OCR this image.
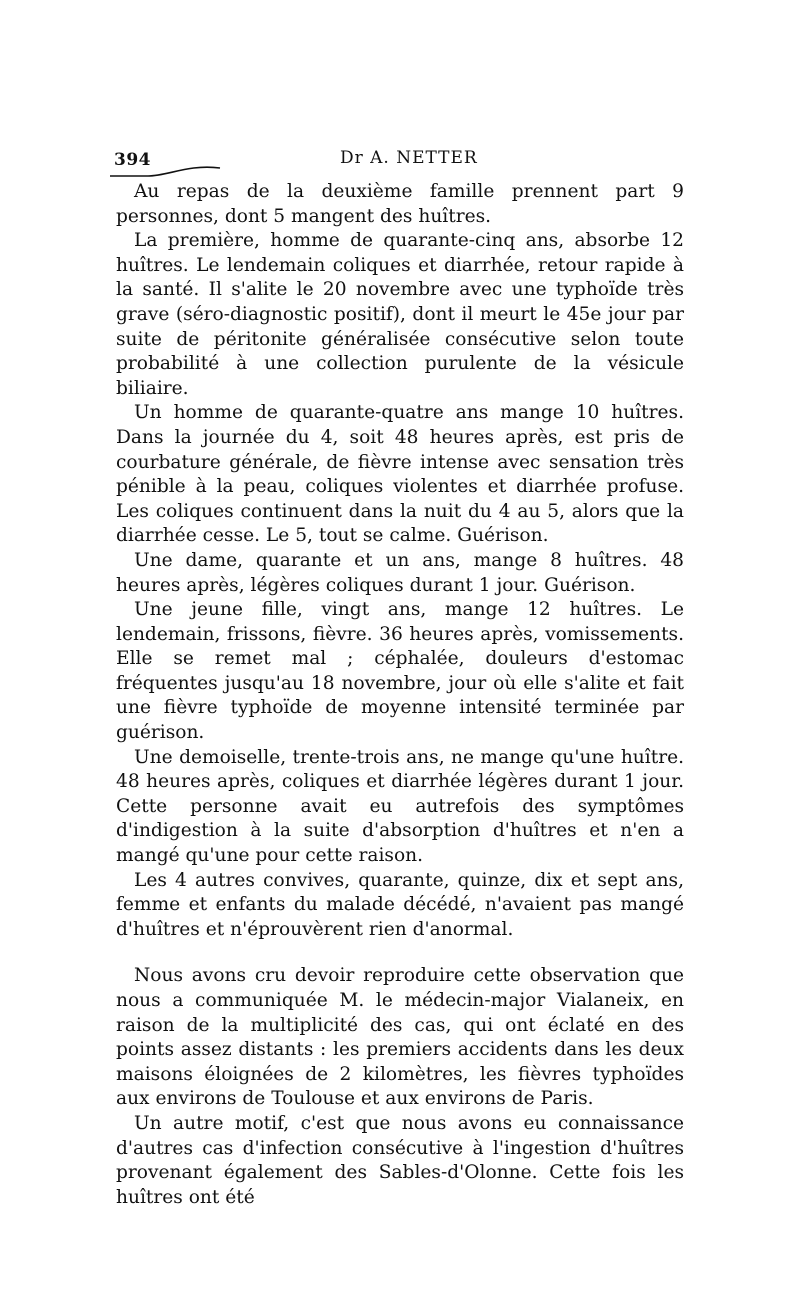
394	Dr A. NETTER

Au repas de la deuxième famille prennent part 9 personnes, dont 5 mangent des huîtres.

La première, homme de quarante-cinq ans, absorbe 12 huîtres. Le lendemain coliques et diarrhée, retour rapide à la santé. Il s'alite le 20 novembre avec une typhoïde très grave (séro-diagnostic positif), dont il meurt le 45e jour par suite de péritonite généralisée consécutive selon toute probabilité à une collection purulente de la vésicule biliaire.

Un homme de quarante-quatre ans mange 10 huîtres. Dans la journée du 4, soit 48 heures après, est pris de courbature générale, de fièvre intense avec sensation très pénible à la peau, coliques violentes et diarrhée profuse. Les coliques continuent dans la nuit du 4 au 5, alors que la diarrhée cesse. Le 5, tout se calme. Guérison.

Une dame, quarante et un ans, mange 8 huîtres. 48 heures après, légères coliques durant 1 jour. Guérison.

Une jeune fille, vingt ans, mange 12 huîtres. Le lendemain, frissons, fièvre. 36 heures après, vomissements. Elle se remet mal ; céphalée, douleurs d'estomac fréquentes jusqu'au 18 novembre, jour où elle s'alite et fait une fièvre typhoïde de moyenne intensité terminée par guérison.

Une demoiselle, trente-trois ans, ne mange qu'une huître. 48 heures après, coliques et diarrhée légères durant 1 jour. Cette personne avait eu autrefois des symptômes d'indigestion à la suite d'absorption d'huîtres et n'en a mangé qu'une pour cette raison.

Les 4 autres convives, quarante, quinze, dix et sept ans, femme et enfants du malade décédé, n'avaient pas mangé d'huîtres et n'éprouvèrent rien d'anormal.

Nous avons cru devoir reproduire cette observation que nous a communiquée M. le médecin-major Vialaneix, en raison de la multiplicité des cas, qui ont éclaté en des points assez distants : les premiers accidents dans les deux maisons éloignées de 2 kilomètres, les fièvres typhoïdes aux environs de Toulouse et aux environs de Paris.

Un autre motif, c'est que nous avons eu connaissance d'autres cas d'infection consécutive à l'ingestion d'huîtres provenant également des Sables-d'Olonne. Cette fois les huîtres ont été
